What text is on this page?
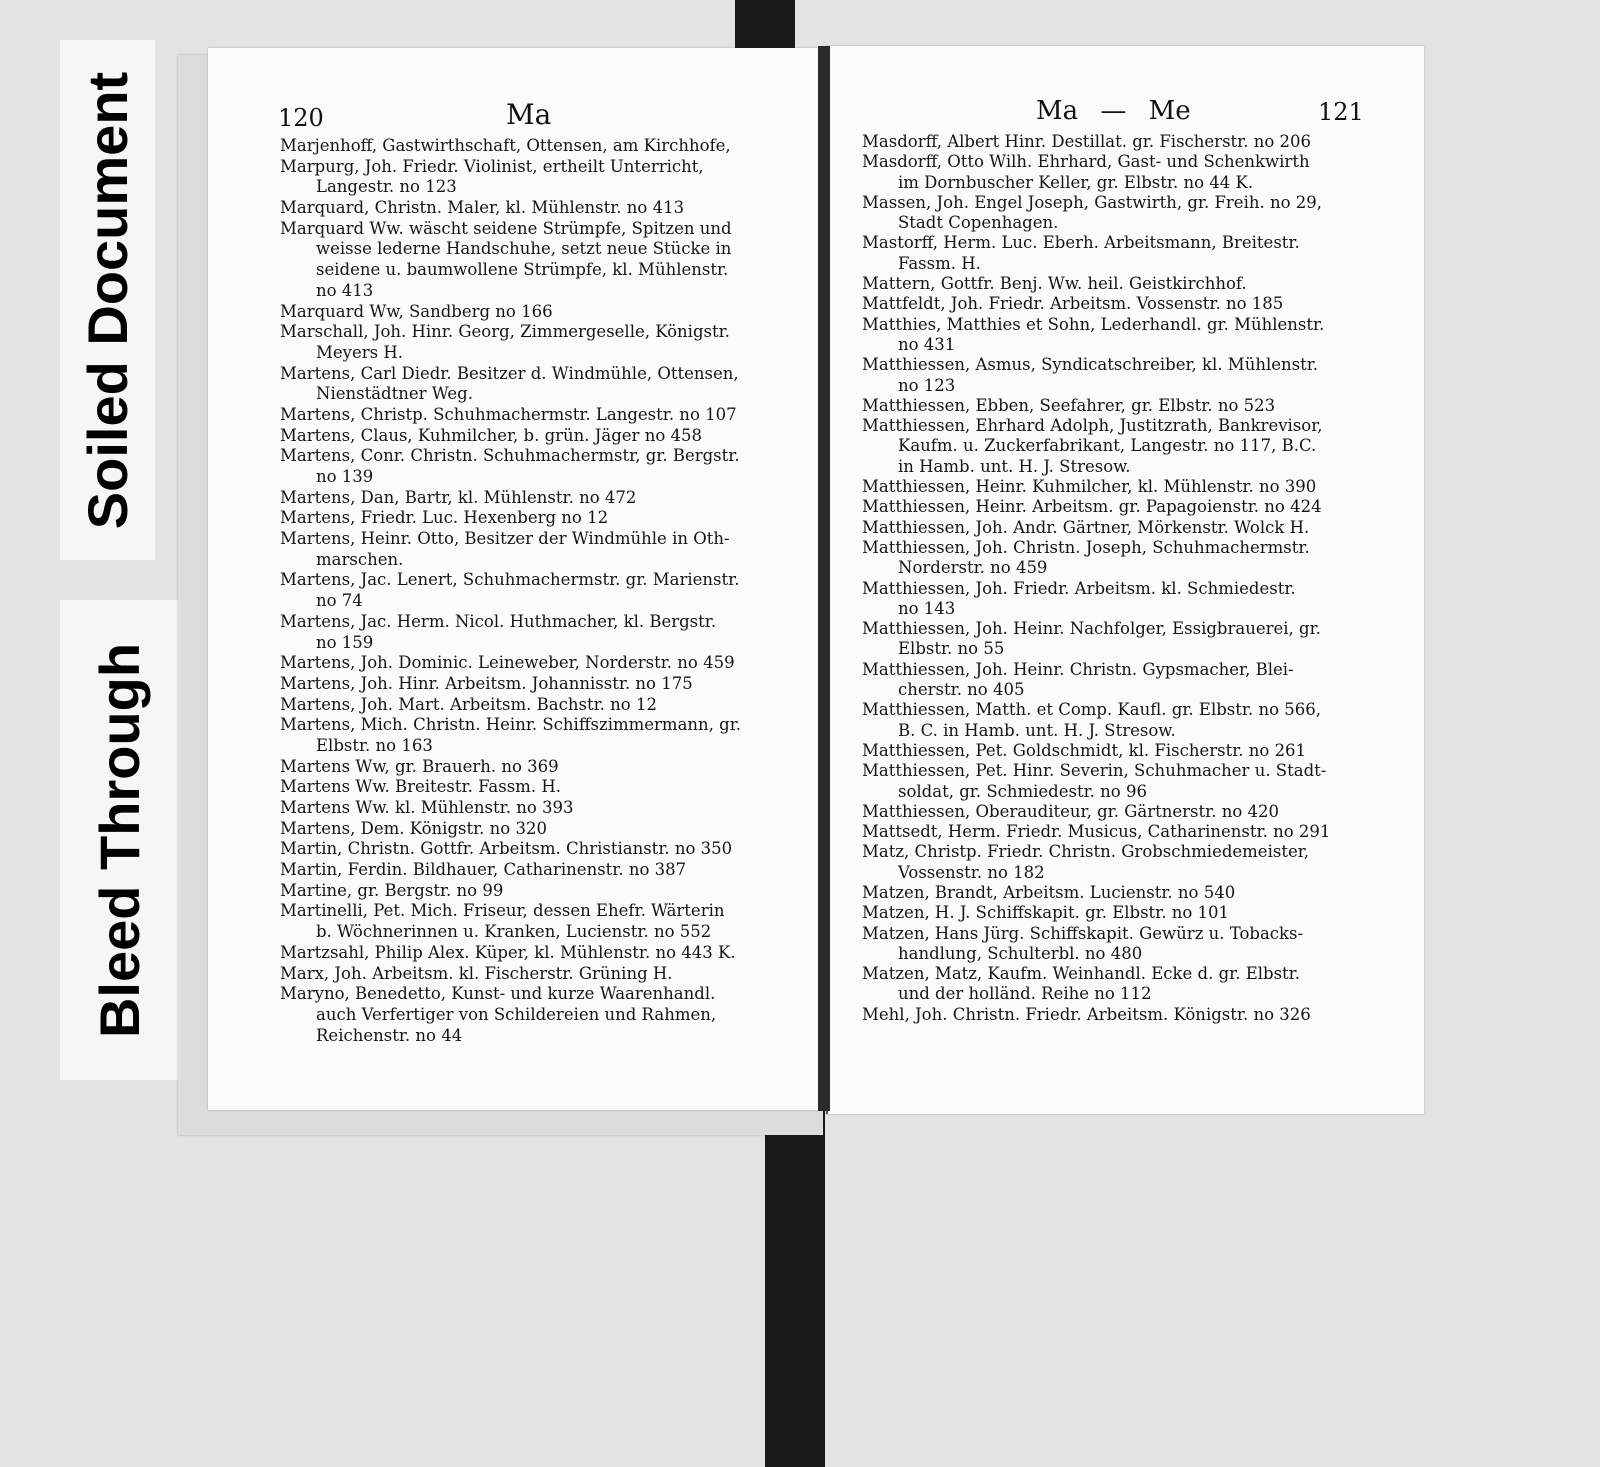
Soiled Document
Bleed Through
120	Ma	Ma — Me	121
Marjenhoff, Gastwirthschaft, Ottensen, am Kirchhofe,
Marpurg, Joh. Friedr. Violinist, ertheilt Unterricht,
Langestr. no 123
Marquard, Christn. Maler, kl. Mühlenstr. no 413
Marquard Ww. wäscht seidene Strümpfe, Spitzen und
weisse lederne Handschuhe, setzt neue Stücke in
seidene u. baumwollene Strümpfe, kl. Mühlenstr.
no 413
Marquard Ww, Sandberg no 166
Marschall, Joh. Hinr. Georg, Zimmergeselle, Königstr.
Meyers H.
Martens, Carl Diedr. Besitzer d. Windmühle, Ottensen,
Nienstädtner Weg.
Martens, Christp. Schuhmachermstr. Langestr. no 107
Martens, Claus, Kuhmilcher, b. grün. Jäger no 458
Martens, Conr. Christn. Schuhmachermstr, gr. Bergstr.
no 139
Martens, Dan, Bartr, kl. Mühlenstr. no 472
Martens, Friedr. Luc. Hexenberg no 12
Martens, Heinr. Otto, Besitzer der Windmühle in Oth-
marschen.
Martens, Jac. Lenert, Schuhmachermstr. gr. Marienstr.
no 74
Martens, Jac. Herm. Nicol. Huthmacher, kl. Bergstr.
no 159
Martens, Joh. Dominic. Leineweber, Norderstr. no 459
Martens, Joh. Hinr. Arbeitsm. Johannisstr. no 175
Martens, Joh. Mart. Arbeitsm. Bachstr. no 12
Martens, Mich. Christn. Heinr. Schiffszimmermann, gr.
Elbstr. no 163
Martens Ww, gr. Brauerh. no 369
Martens Ww. Breitestr. Fassm. H.
Martens Ww. kl. Mühlenstr. no 393
Martens, Dem. Königstr. no 320
Martin, Christn. Gottfr. Arbeitsm. Christianstr. no 350
Martin, Ferdin. Bildhauer, Catharinenstr. no 387
Martine, gr. Bergstr. no 99
Martinelli, Pet. Mich. Friseur, dessen Ehefr. Wärterin
b. Wöchnerinnen u. Kranken, Lucienstr. no 552
Martzsahl, Philip Alex. Küper, kl. Mühlenstr. no 443 K.
Marx, Joh. Arbeitsm. kl. Fischerstr. Grüning H.
Maryno, Benedetto, Kunst- und kurze Waarenhandl.
auch Verfertiger von Schildereien und Rahmen,
Reichenstr. no 44
Masdorff, Albert Hinr. Destillat. gr. Fischerstr. no 206
Masdorff, Otto Wilh. Ehrhard, Gast- und Schenkwirth
im Dornbuscher Keller, gr. Elbstr. no 44 K.
Massen, Joh. Engel Joseph, Gastwirth, gr. Freih. no 29,
Stadt Copenhagen.
Mastorff, Herm. Luc. Eberh. Arbeitsmann, Breitestr.
Fassm. H.
Mattern, Gottfr. Benj. Ww. heil. Geistkirchhof.
Mattfeldt, Joh. Friedr. Arbeitsm. Vossenstr. no 185
Matthies, Matthies et Sohn, Lederhandl. gr. Mühlenstr.
no 431
Matthiessen, Asmus, Syndicatschreiber, kl. Mühlenstr.
no 123
Matthiessen, Ebben, Seefahrer, gr. Elbstr. no 523
Matthiessen, Ehrhard Adolph, Justitzrath, Bankrevisor,
Kaufm. u. Zuckerfabrikant, Langestr. no 117, B.C.
in Hamb. unt. H. J. Stresow.
Matthiessen, Heinr. Kuhmilcher, kl. Mühlenstr. no 390
Matthiessen, Heinr. Arbeitsm. gr. Papagoienstr. no 424
Matthiessen, Joh. Andr. Gärtner, Mörkenstr. Wolck H.
Matthiessen, Joh. Christn. Joseph, Schuhmachermstr.
Norderstr. no 459
Matthiessen, Joh. Friedr. Arbeitsm. kl. Schmiedestr.
no 143
Matthiessen, Joh. Heinr. Nachfolger, Essigbrauerei, gr.
Elbstr. no 55
Matthiessen, Joh. Heinr. Christn. Gypsmacher, Blei-
cherstr. no 405
Matthiessen, Matth. et Comp. Kaufl. gr. Elbstr. no 566,
B. C. in Hamb. unt. H. J. Stresow.
Matthiessen, Pet. Goldschmidt, kl. Fischerstr. no 261
Matthiessen, Pet. Hinr. Severin, Schuhmacher u. Stadt-
soldat, gr. Schmiedestr. no 96
Matthiessen, Oberauditeur, gr. Gärtnerstr. no 420
Mattsedt, Herm. Friedr. Musicus, Catharinenstr. no 291
Matz, Christp. Friedr. Christn. Grobschmiedemeister,
Vossenstr. no 182
Matzen, Brandt, Arbeitsm. Lucienstr. no 540
Matzen, H. J. Schiffskapit. gr. Elbstr. no 101
Matzen, Hans Jürg. Schiffskapit. Gewürz u. Tobacks-
handlung, Schulterbl. no 480
Matzen, Matz, Kaufm. Weinhandl. Ecke d. gr. Elbstr.
und der holländ. Reihe no 112
Mehl, Joh. Christn. Friedr. Arbeitsm. Königstr. no 326
